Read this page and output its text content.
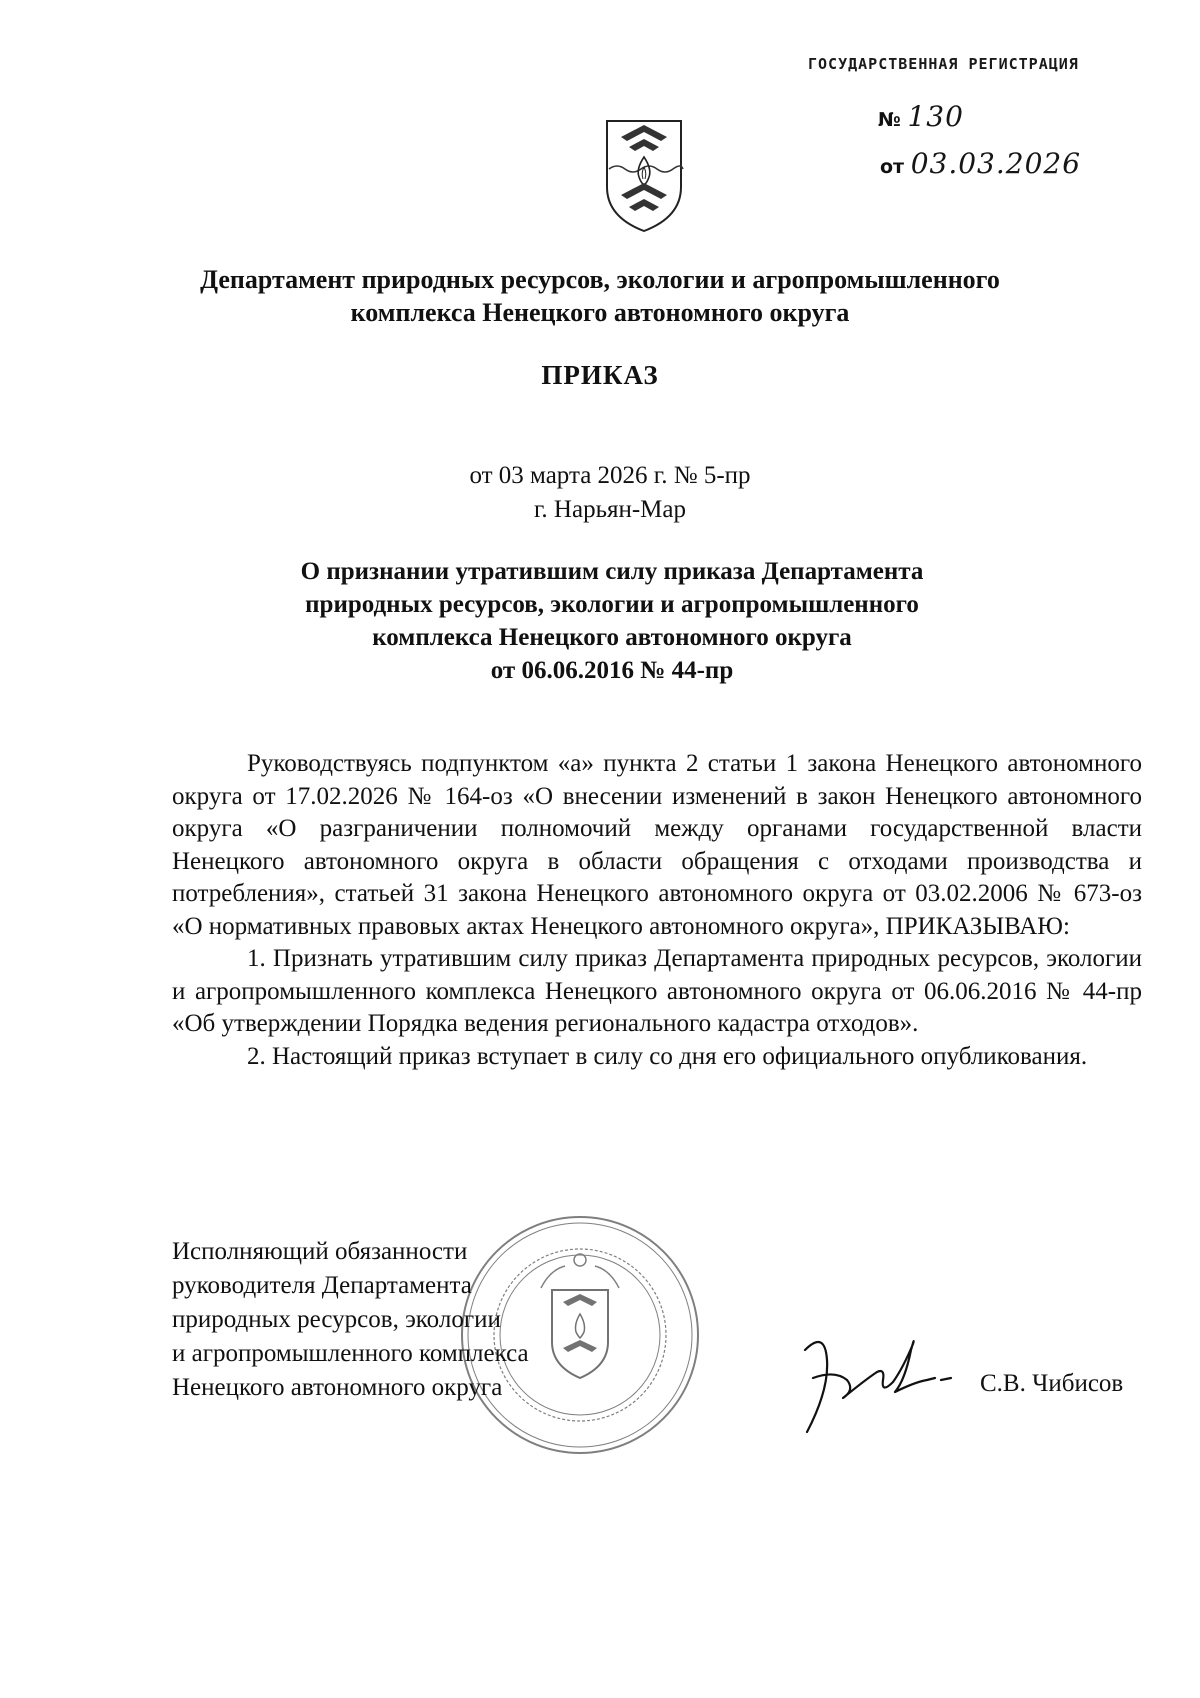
ГОСУДАРСТВЕННАЯ РЕГИСТРАЦИЯ
№ 130
от 03.03.2026
Департамент природных ресурсов, экологии и агропромышленного
комплекса Ненецкого автономного округа
ПРИКАЗ
от 03 марта 2026 г. № 5-пр
г. Нарьян-Мар
О признании утратившим силу приказа Департамента
природных ресурсов, экологии и агропромышленного
комплекса Ненецкого автономного округа
от 06.06.2016 № 44-пр

Руководствуясь подпунктом «а» пункта 2 статьи 1 закона Ненецкого автономного округа от 17.02.2026 № 164-оз «О внесении изменений в закон Ненецкого автономного округа «О разграничении полномочий между органами государственной власти Ненецкого автономного округа в области обращения с отходами производства и потребления», статьей 31 закона Ненецкого автономного округа от 03.02.2006 № 673-оз «О нормативных правовых актах Ненецкого автономного округа», ПРИКАЗЫВАЮ:

1. Признать утратившим силу приказ Департамента природных ресурсов, экологии и агропромышленного комплекса Ненецкого автономного округа от 06.06.2016 № 44-пр «Об утверждении Порядка ведения регионального кадастра отходов».

2. Настоящий приказ вступает в силу со дня его официального опубликования.

Исполняющий обязанности
руководителя Департамента
природных ресурсов, экологии
и агропромышленного комплекса
Ненецкого автономного округа	С.В. Чибисов
